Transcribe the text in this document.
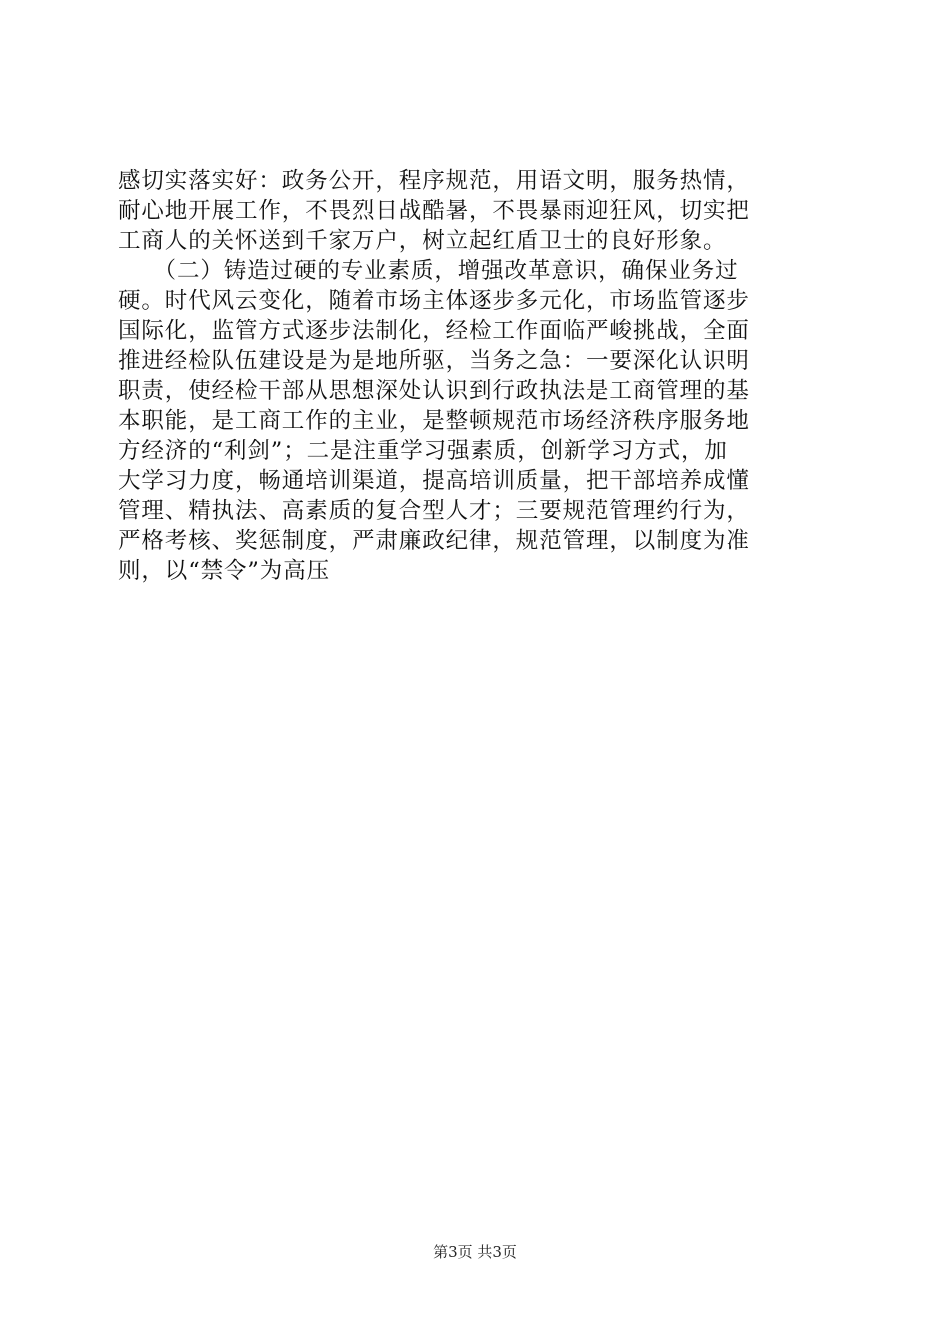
感切实落实好：政务公开，程序规范，用语文明，服务热情，
耐心地开展工作，不畏烈日战酷暑，不畏暴雨迎狂风，切实把
工商人的关怀送到千家万户，树立起红盾卫士的良好形象。
　　（二）铸造过硬的专业素质，增强改革意识，确保业务过
硬。时代风云变化，随着市场主体逐步多元化，市场监管逐步
国际化，监管方式逐步法制化，经检工作面临严峻挑战，全面
推进经检队伍建设是为是地所驱，当务之急：一要深化认识明
职责，使经检干部从思想深处认识到行政执法是工商管理的基
本职能，是工商工作的主业，是整顿规范市场经济秩序服务地
方经济的“利剑”；二是注重学习强素质，创新学习方式，加
大学习力度，畅通培训渠道，提高培训质量，把干部培养成懂
管理、精执法、高素质的复合型人才；三要规范管理约行为，
严格考核、奖惩制度，严肃廉政纪律，规范管理，以制度为准
则，以“禁令”为高压
第3页 共3页
